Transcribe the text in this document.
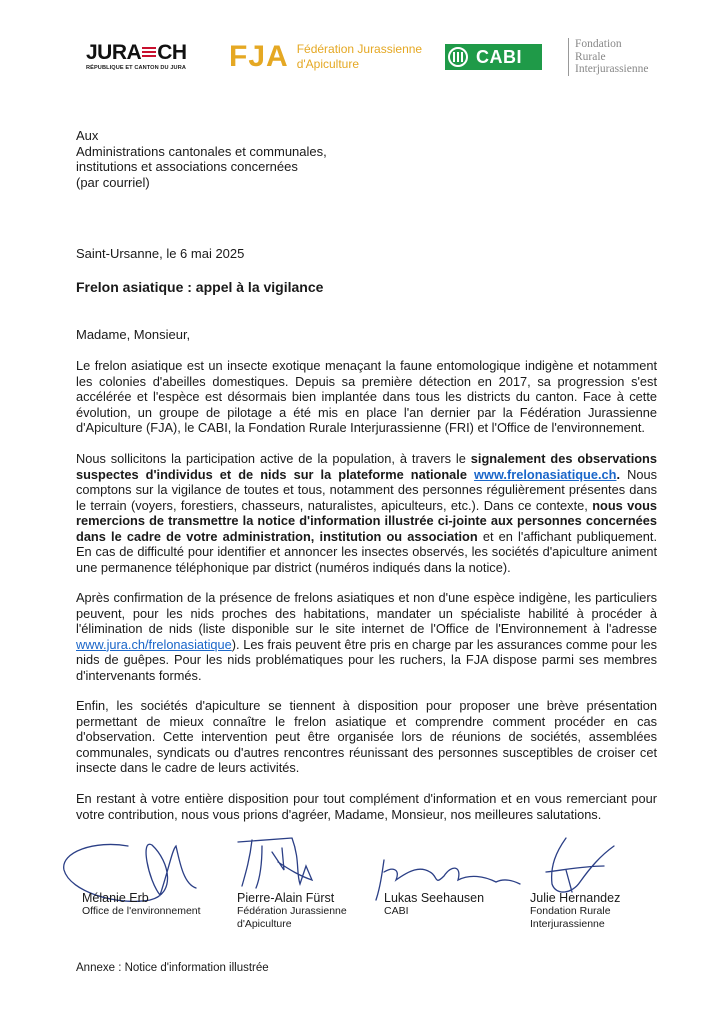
JURA CH
RÉPUBLIQUE ET CANTON DU JURA	FJA Fédération Jurassienne
d'Apiculture	CABI
Fondation
Rurale
Interjurassienne
Aux
Administrations cantonales et communales,
institutions et associations concernées
(par courriel)
Saint-Ursanne, le 6 mai 2025
Frelon asiatique : appel à la vigilance
Madame, Monsieur,

Le frelon asiatique est un insecte exotique menaçant la faune entomologique indigène et notamment les colonies d'abeilles domestiques. Depuis sa première détection en 2017, sa progression s'est accélérée et l'espèce est désormais bien implantée dans tous les districts du canton. Face à cette évolution, un groupe de pilotage a été mis en place l'an dernier par la Fédération Jurassienne d'Apiculture (FJA), le CABI, la Fondation Rurale Interjurassienne (FRI) et l'Office de l'environnement.

Nous sollicitons la participation active de la population, à travers le signalement des observations suspectes d'individus et de nids sur la plateforme nationale www.frelonasiatique.ch. Nous comptons sur la vigilance de toutes et tous, notamment des personnes régulièrement présentes dans le terrain (voyers, forestiers, chasseurs, naturalistes, apiculteurs, etc.). Dans ce contexte, nous vous remercions de transmettre la notice d'information illustrée ci-jointe aux personnes concernées dans le cadre de votre administration, institution ou association et en l'affichant publiquement. En cas de difficulté pour identifier et annoncer les insectes observés, les sociétés d'apiculture animent une permanence téléphonique par district (numéros indiqués dans la notice).

Après confirmation de la présence de frelons asiatiques et non d'une espèce indigène, les particuliers peuvent, pour les nids proches des habitations, mandater un spécialiste habilité à procéder à l'élimination de nids (liste disponible sur le site internet de l'Office de l'Environnement à l'adresse www.jura.ch/frelonasiatique). Les frais peuvent être pris en charge par les assurances comme pour les nids de guêpes. Pour les nids problématiques pour les ruchers, la FJA dispose parmi ses membres d'intervenants formés.

Enfin, les sociétés d'apiculture se tiennent à disposition pour proposer une brève présentation permettant de mieux connaître le frelon asiatique et comprendre comment procéder en cas d'observation. Cette intervention peut être organisée lors de réunions de sociétés, assemblées communales, syndicats ou d'autres rencontres réunissant des personnes susceptibles de croiser cet insecte dans le cadre de leurs activités.

En restant à votre entière disposition pour tout complément d'information et en vous remerciant pour votre contribution, nous vous prions d'agréer, Madame, Monsieur, nos meilleures salutations.

Mélanie Erb
Office de l'environnement
Pierre-Alain Fürst
Fédération Jurassienne
d'Apiculture
Lukas Seehausen
CABI
Julie Hernandez
Fondation Rurale
Interjurassienne
Annexe : Notice d'information illustrée
